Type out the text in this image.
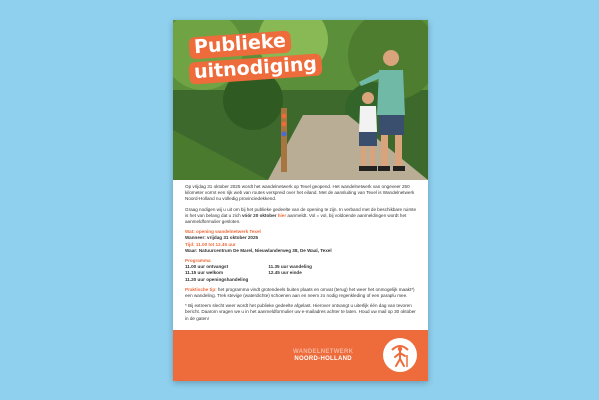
Publieke
uitnodiging

Op vrijdag 31 oktober 2025 wordt het wandelnetwerk op Texel geopend. Het wandelnetwerk van ongeveer 250 kilometer vormt een rijk web van routes verspreid over het eiland. Met de aansluiting van Texel is Wandelnetwerk Noord-Holland nu volledig provinciedekkend.

Graag nodigen wij u uit om bij het publieke gedeelte van de opening te zijn. In verband met de beschikbare ruimte is het van belang dat u zich vóór 20 oktober hier aanmeldt. Vol = vol, bij voldoende aanmeldingen wordt het aanmeldformulier gesloten.

Wat: opening wandelnetwerk Texel
Wanneer: vrijdag 31 oktober 2025
Tijd: 11.00 tot 12.45 uur
Waar: Natuurcentrum De Marel, Nieuwlanderweg 38, De Waal, Texel
Programma
11.00 uur ontvangst
11.15 uur welkom
11.20 uur openingshandeling
11.35 uur wandeling
12.45 uur einde

Praktische tip: het programma vindt grotendeels buiten plaats en omvat (terug) het weer het onmogelijk maakt*) een wandeling. Trek stevige (waterdichte) schoenen aan en neem zo nodig regenkleding of een paraplu mee.

* Bij extreem slecht weer wordt het publieke gedeelte afgelast. Hierover ontvangt u uiterlijk één dag van tevoren bericht. Daarom vragen we u in het aanmeldformulier uw e-mailadres achter te laten. Houd uw mail op 30 oktober in de gaten!

WANDELNETWERK
NOORD-HOLLAND
